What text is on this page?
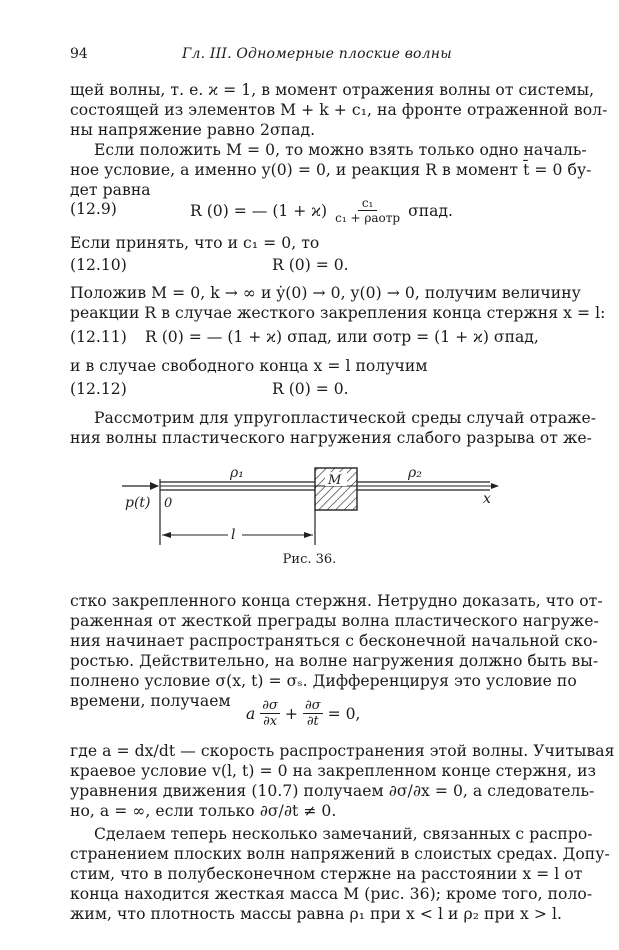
94	Гл. III. Одномерные плоские волны
щей волны, т. е. ϰ = 1, в момент отражения волны от системы,
состоящей из элементов M + k + c₁, на фронте отраженной вол-
ны напряжение равно 2σпад.
Если положить M = 0, то можно взять только одно началь-
ное условие, а именно y(0) = 0, и реакция R в момент t̄ = 0 бу-
дет равна
(12.9)	R (0) = — (1 + ϰ)	c₁
c₁ + ρaотр σпад.
Если принять, что и c₁ = 0, то
(12.10)	R (0) = 0.
Положив M = 0, k → ∞ и ẏ(0) → 0, y(0) → 0, получим величину
реакции R в случае жесткого закрепления конца стержня x = l:
(12.11) R (0) = — (1 + ϰ) σпад, или σотр = (1 + ϰ) σпад,
и в случае свободного конца x = l получим
(12.12)	R (0) = 0.
Рассмотрим для упругопластической среды случай отраже-
ния волны пластического нагружения слабого разрыва от же-
ρ₁	ρ₂
M
p(t) 0	x
l
Рис. 36.
стко закрепленного конца стержня. Нетрудно доказать, что от-
раженная от жесткой преграды волна пластического нагруже-
ния начинает распространяться с бесконечной начальной ско-
ростью. Действительно, на волне нагружения должно быть вы-
полнено условие σ(x, t) = σₛ. Дифференцируя это условие по
времени, получаем
a $\frac{\partial\sigma}{\partial x} + \frac{\partial\sigma}{\partial t} = 0$,
где a = dx/dt — скорость распространения этой волны. Учитывая
краевое условие v(l, t) = 0 на закрепленном конце стержня, из
уравнения движения (10.7) получаем ∂σ/∂x = 0, а следователь-
но, a = ∞, если только ∂σ/∂t ≠ 0.
Сделаем теперь несколько замечаний, связанных с распро-
странением плоских волн напряжений в слоистых средах. Допу-
стим, что в полубесконечном стержне на расстоянии x = l от
конца находится жесткая масса M (рис. 36); кроме того, поло-
жим, что плотность массы равна ρ₁ при x < l и ρ₂ при x > l.
